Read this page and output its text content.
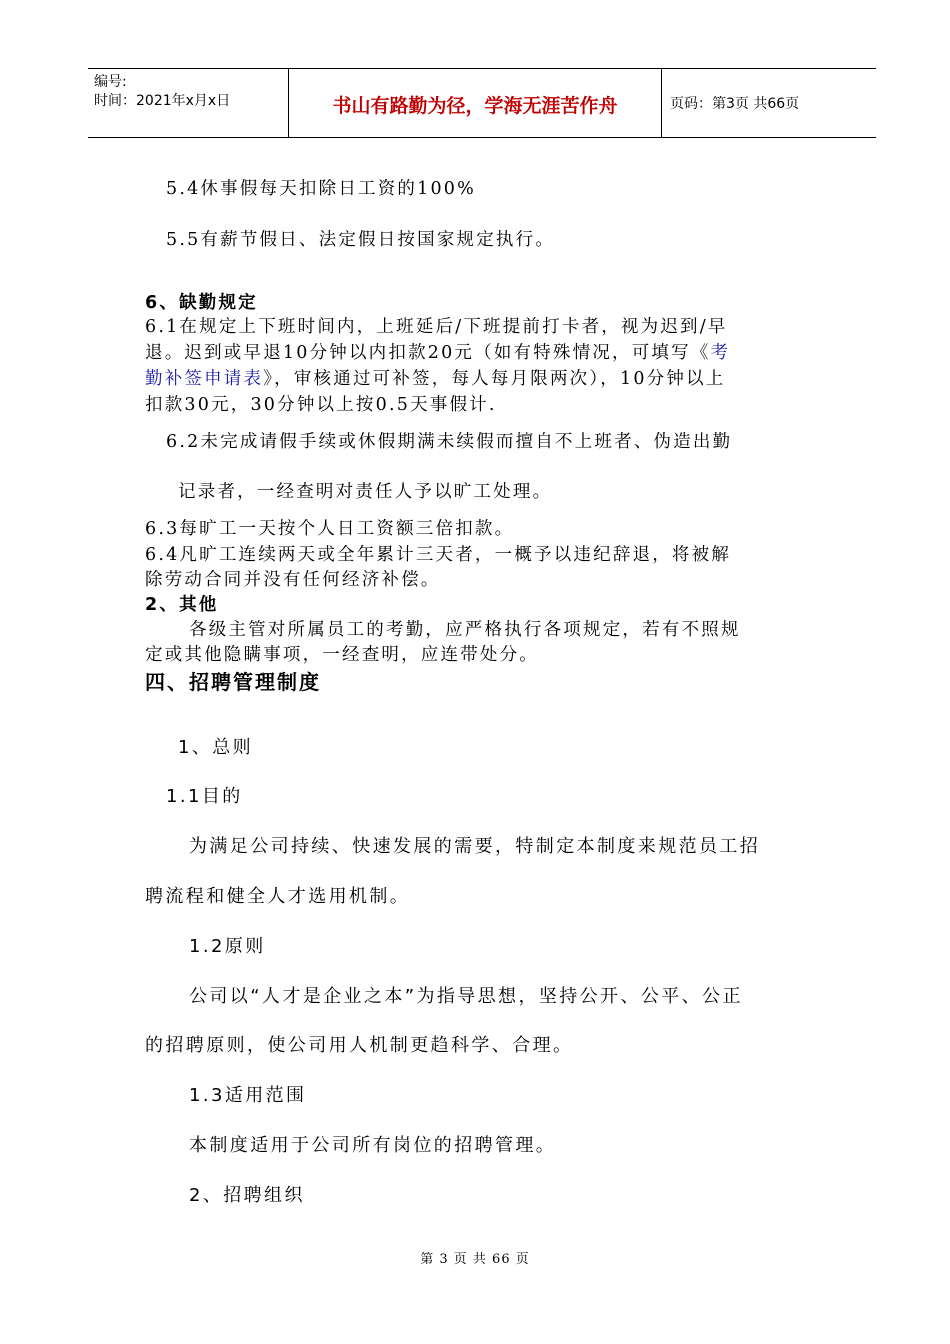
编号:
时间：2021年x月x日	书山有路勤为径，学海无涯苦作舟	页码：第3页 共66页
5.4休事假每天扣除日工资的100%
5.5有薪节假日、法定假日按国家规定执行。
6、缺勤规定
6.1在规定上下班时间内，上班延后/下班提前打卡者，视为迟到/早
退。迟到或早退10分钟以内扣款20元（如有特殊情况，可填写《考
勤补签申请表》，审核通过可补签，每人每月限两次），10分钟以上
扣款30元，30分钟以上按0.5天事假计.
6.2未完成请假手续或休假期满未续假而擅自不上班者、伪造出勤
记录者，一经查明对责任人予以旷工处理。
6.3每旷工一天按个人日工资额三倍扣款。
6.4凡旷工连续两天或全年累计三天者，一概予以违纪辞退，将被解
除劳动合同并没有任何经济补偿。
2、其他
各级主管对所属员工的考勤，应严格执行各项规定，若有不照规
定或其他隐瞒事项，一经查明，应连带处分。
四、招聘管理制度
1、总则
1.1目的
为满足公司持续、快速发展的需要，特制定本制度来规范员工招
聘流程和健全人才选用机制。
1.2原则
公司以“人才是企业之本”为指导思想，坚持公开、公平、公正
的招聘原则，使公司用人机制更趋科学、合理。
1.3适用范围
本制度适用于公司所有岗位的招聘管理。
2、招聘组织
第 3 页 共 66 页
